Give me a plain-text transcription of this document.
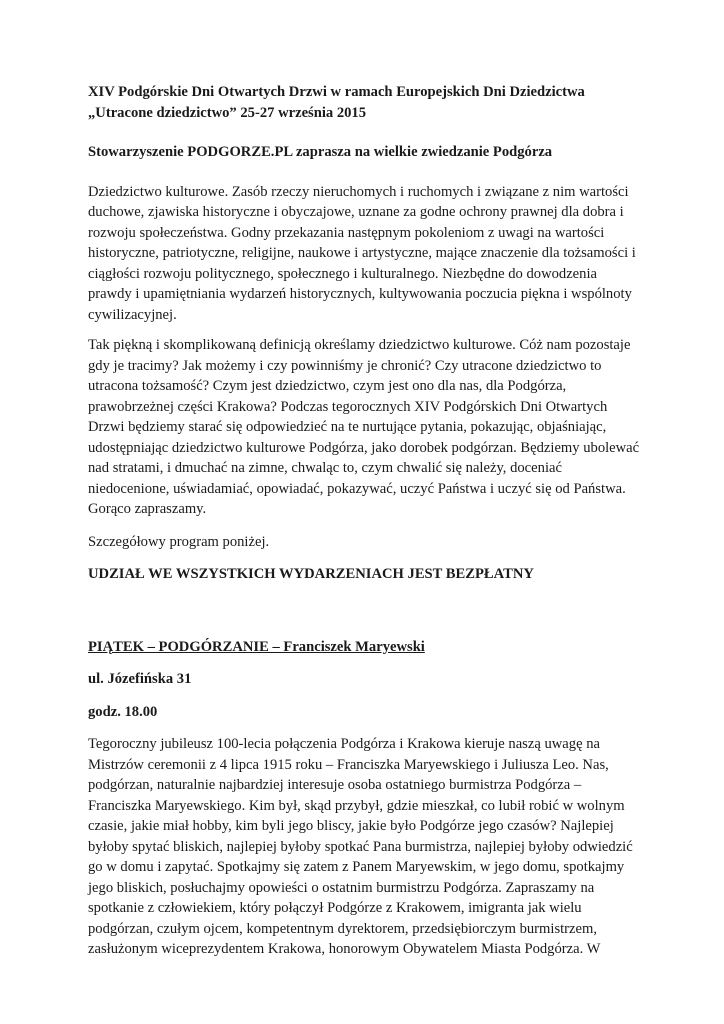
XIV Podgórskie Dni Otwartych Drzwi w ramach Europejskich Dni Dziedzictwa
„Utracone dziedzictwo” 25-27 września 2015

Stowarzyszenie PODGORZE.PL zaprasza na wielkie zwiedzanie Podgórza

Dziedzictwo kulturowe. Zasób rzeczy nieruchomych i ruchomych i związane z nim wartości
duchowe, zjawiska historyczne i obyczajowe, uznane za godne ochrony prawnej dla dobra i
rozwoju społeczeństwa. Godny przekazania następnym pokoleniom z uwagi na wartości
historyczne, patriotyczne, religijne, naukowe i artystyczne, mające znaczenie dla tożsamości i
ciągłości rozwoju politycznego, społecznego i kulturalnego. Niezbędne do dowodzenia
prawdy i upamiętniania wydarzeń historycznych, kultywowania poczucia piękna i wspólnoty
cywilizacyjnej.

Tak piękną i skomplikowaną definicją określamy dziedzictwo kulturowe. Cóż nam pozostaje
gdy je tracimy? Jak możemy i czy powinniśmy je chronić? Czy utracone dziedzictwo to
utracona tożsamość? Czym jest dziedzictwo, czym jest ono dla nas, dla Podgórza,
prawobrzeżnej części Krakowa? Podczas tegorocznych XIV Podgórskich Dni Otwartych
Drzwi będziemy starać się odpowiedzieć na te nurtujące pytania, pokazując, objaśniając,
udostępniając dziedzictwo kulturowe Podgórza, jako dorobek podgórzan. Będziemy ubolewać
nad stratami, i dmuchać na zimne, chwaląc to, czym chwalić się należy, doceniać
niedocenione, uświadamiać, opowiadać, pokazywać, uczyć Państwa i uczyć się od Państwa.
Gorąco zapraszamy.

Szczegółowy program poniżej.

UDZIAŁ WE WSZYSTKICH WYDARZENIACH JEST BEZPŁATNY

PIĄTEK – PODGÓRZANIE – Franciszek Maryewski

ul. Józefińska 31

godz. 18.00

Tegoroczny jubileusz 100-lecia połączenia Podgórza i Krakowa kieruje naszą uwagę na
Mistrzów ceremonii z 4 lipca 1915 roku – Franciszka Maryewskiego i Juliusza Leo. Nas,
podgórzan, naturalnie najbardziej interesuje osoba ostatniego burmistrza Podgórza –
Franciszka Maryewskiego. Kim był, skąd przybył, gdzie mieszkał, co lubił robić w wolnym
czasie, jakie miał hobby, kim byli jego bliscy, jakie było Podgórze jego czasów? Najlepiej
byłoby spytać bliskich, najlepiej byłoby spotkać Pana burmistrza, najlepiej byłoby odwiedzić
go w domu i zapytać. Spotkajmy się zatem z Panem Maryewskim, w jego domu, spotkajmy
jego bliskich, posłuchajmy opowieści o ostatnim burmistrzu Podgórza. Zapraszamy na
spotkanie z człowiekiem, który połączył Podgórze z Krakowem, imigranta jak wielu
podgórzan, czułym ojcem, kompetentnym dyrektorem, przedsiębiorczym burmistrzem,
zasłużonym wiceprezydentem Krakowa, honorowym Obywatelem Miasta Podgórza. W
